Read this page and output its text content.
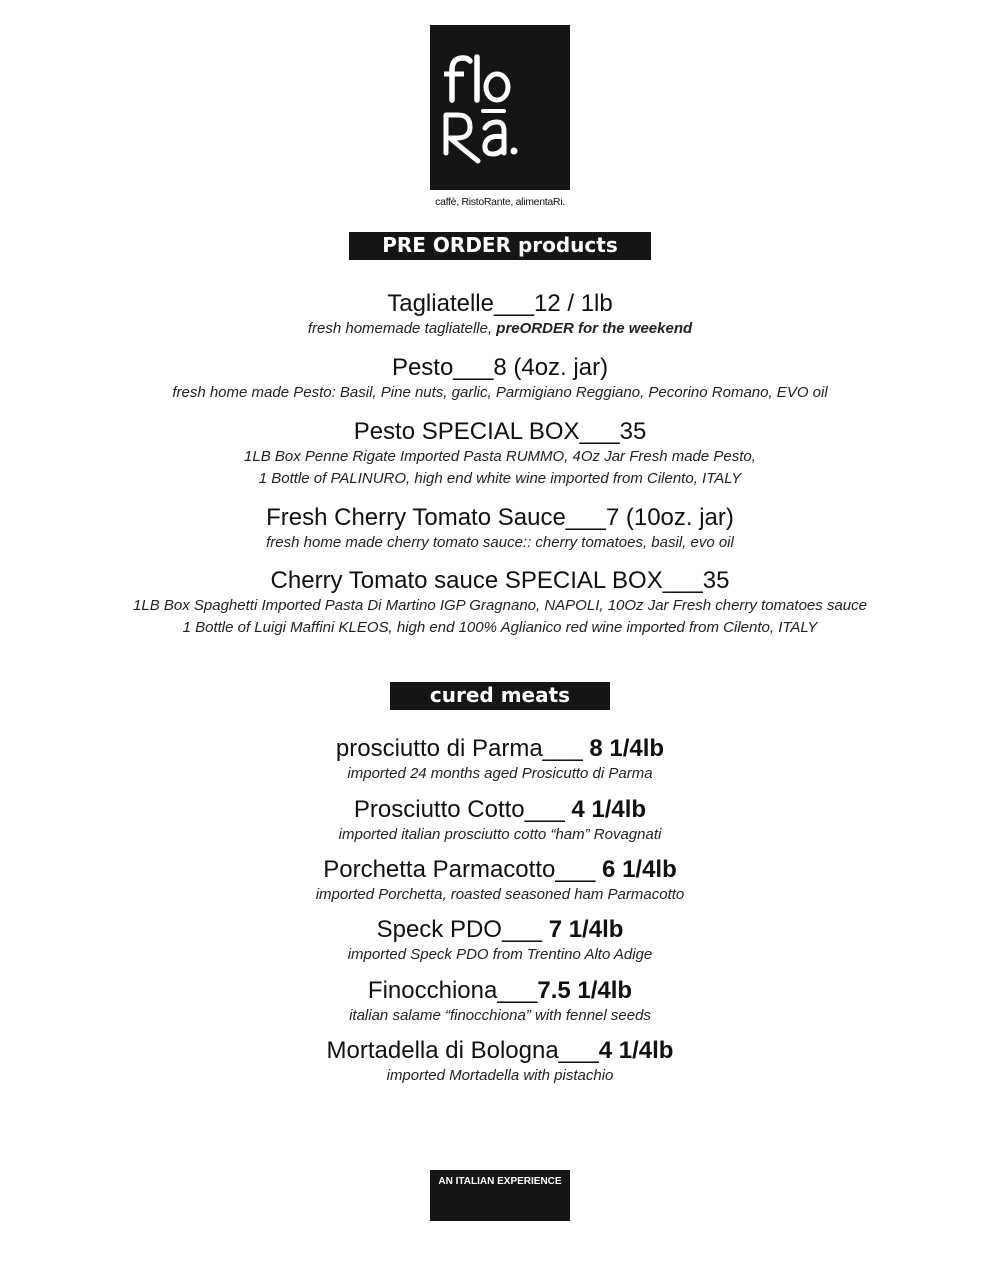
caffè, RistoRante, alimentaRi.
PRE ORDER products
Tagliatelle___12 / 1lb
fresh homemade tagliatelle, preORDER for the weekend
Pesto___8 (4oz. jar)
fresh home made Pesto: Basil, Pine nuts, garlic, Parmigiano Reggiano, Pecorino Romano, EVO oil
Pesto SPECIAL BOX___35
1LB Box Penne Rigate Imported Pasta RUMMO, 4Oz Jar Fresh made Pesto,
1 Bottle of PALINURO, high end white wine imported from Cilento, ITALY
Fresh Cherry Tomato Sauce___7 (10oz. jar)
fresh home made cherry tomato sauce:: cherry tomatoes, basil, evo oil
Cherry Tomato sauce SPECIAL BOX___35
1LB Box Spaghetti Imported Pasta Di Martino IGP Gragnano, NAPOLI, 10Oz Jar Fresh cherry tomatoes sauce
1 Bottle of Luigi Maffini KLEOS, high end 100% Aglianico red wine imported from Cilento, ITALY
cured meats
prosciutto di Parma___ 8 1/4lb
imported 24 months aged Prosicutto di Parma
Prosciutto Cotto___ 4 1/4lb
imported italian prosciutto cotto “ham” Rovagnati
Porchetta Parmacotto___ 6 1/4lb
imported Porchetta, roasted seasoned ham Parmacotto
Speck PDO___ 7 1/4lb
imported Speck PDO from Trentino Alto Adige
Finocchiona___7.5 1/4lb
italian salame “finocchiona” with fennel seeds
Mortadella di Bologna___4 1/4lb
imported Mortadella with pistachio
AN ITALIAN EXPERIENCE
